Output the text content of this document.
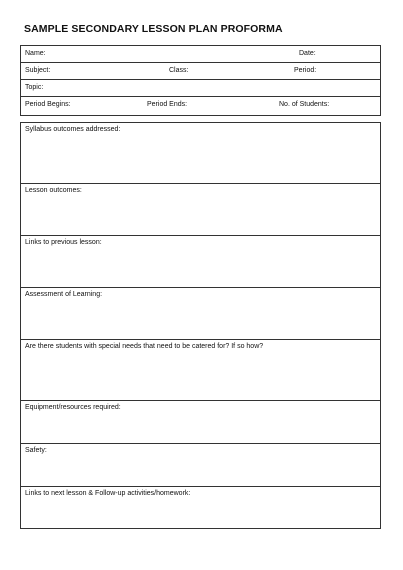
SAMPLE SECONDARY LESSON PLAN PROFORMA
Name:	Date:
Subject:	Class:	Period:
Topic:
Period Begins:	Period Ends:	No. of Students:
Syllabus outcomes addressed:
Lesson outcomes:
Links to previous lesson:
Assessment of Learning:
Are there students with special needs that need to be catered for? If so how?
Equipment/resources required:
Safety:
Links to next lesson & Follow-up activities/homework:
